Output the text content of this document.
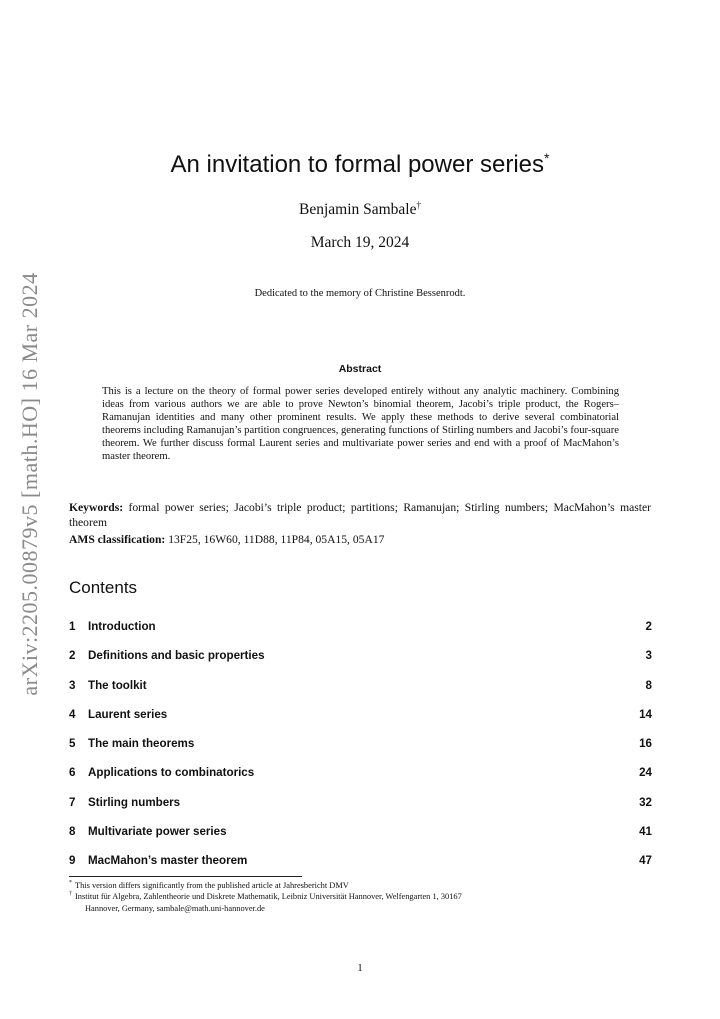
arXiv:2205.00879v5 [math.HO] 16 Mar 2024
An invitation to formal power series*
Benjamin Sambale†
March 19, 2024
Dedicated to the memory of Christine Bessenrodt.
Abstract
This is a lecture on the theory of formal power series developed entirely without any analytic machinery. Combining ideas from various authors we are able to prove Newton’s binomial theorem, Jacobi’s triple product, the Rogers–Ramanujan identities and many other prominent results. We apply these methods to derive several combinatorial theorems including Ramanujan’s partition congruences, generating functions of Stirling numbers and Jacobi’s four-square theorem. We further discuss formal Laurent series and multivariate power series and end with a proof of MacMahon’s master theorem.
Keywords: formal power series; Jacobi’s triple product; partitions; Ramanujan; Stirling numbers; MacMahon’s master theorem
AMS classification: 13F25, 16W60, 11D88, 11P84, 05A15, 05A17
Contents
1 Introduction	2
2 Definitions and basic properties	3
3 The toolkit	8
4 Laurent series	14
5 The main theorems	16
6 Applications to combinatorics	24
7 Stirling numbers	32
8 Multivariate power series	41
9 MacMahon’s master theorem	47
* This version differs significantly from the published article at Jahresbericht DMV
† Institut für Algebra, Zahlentheorie und Diskrete Mathematik, Leibniz Universität Hannover, Welfengarten 1, 30167
Hannover, Germany, sambale@math.uni-hannover.de
1
